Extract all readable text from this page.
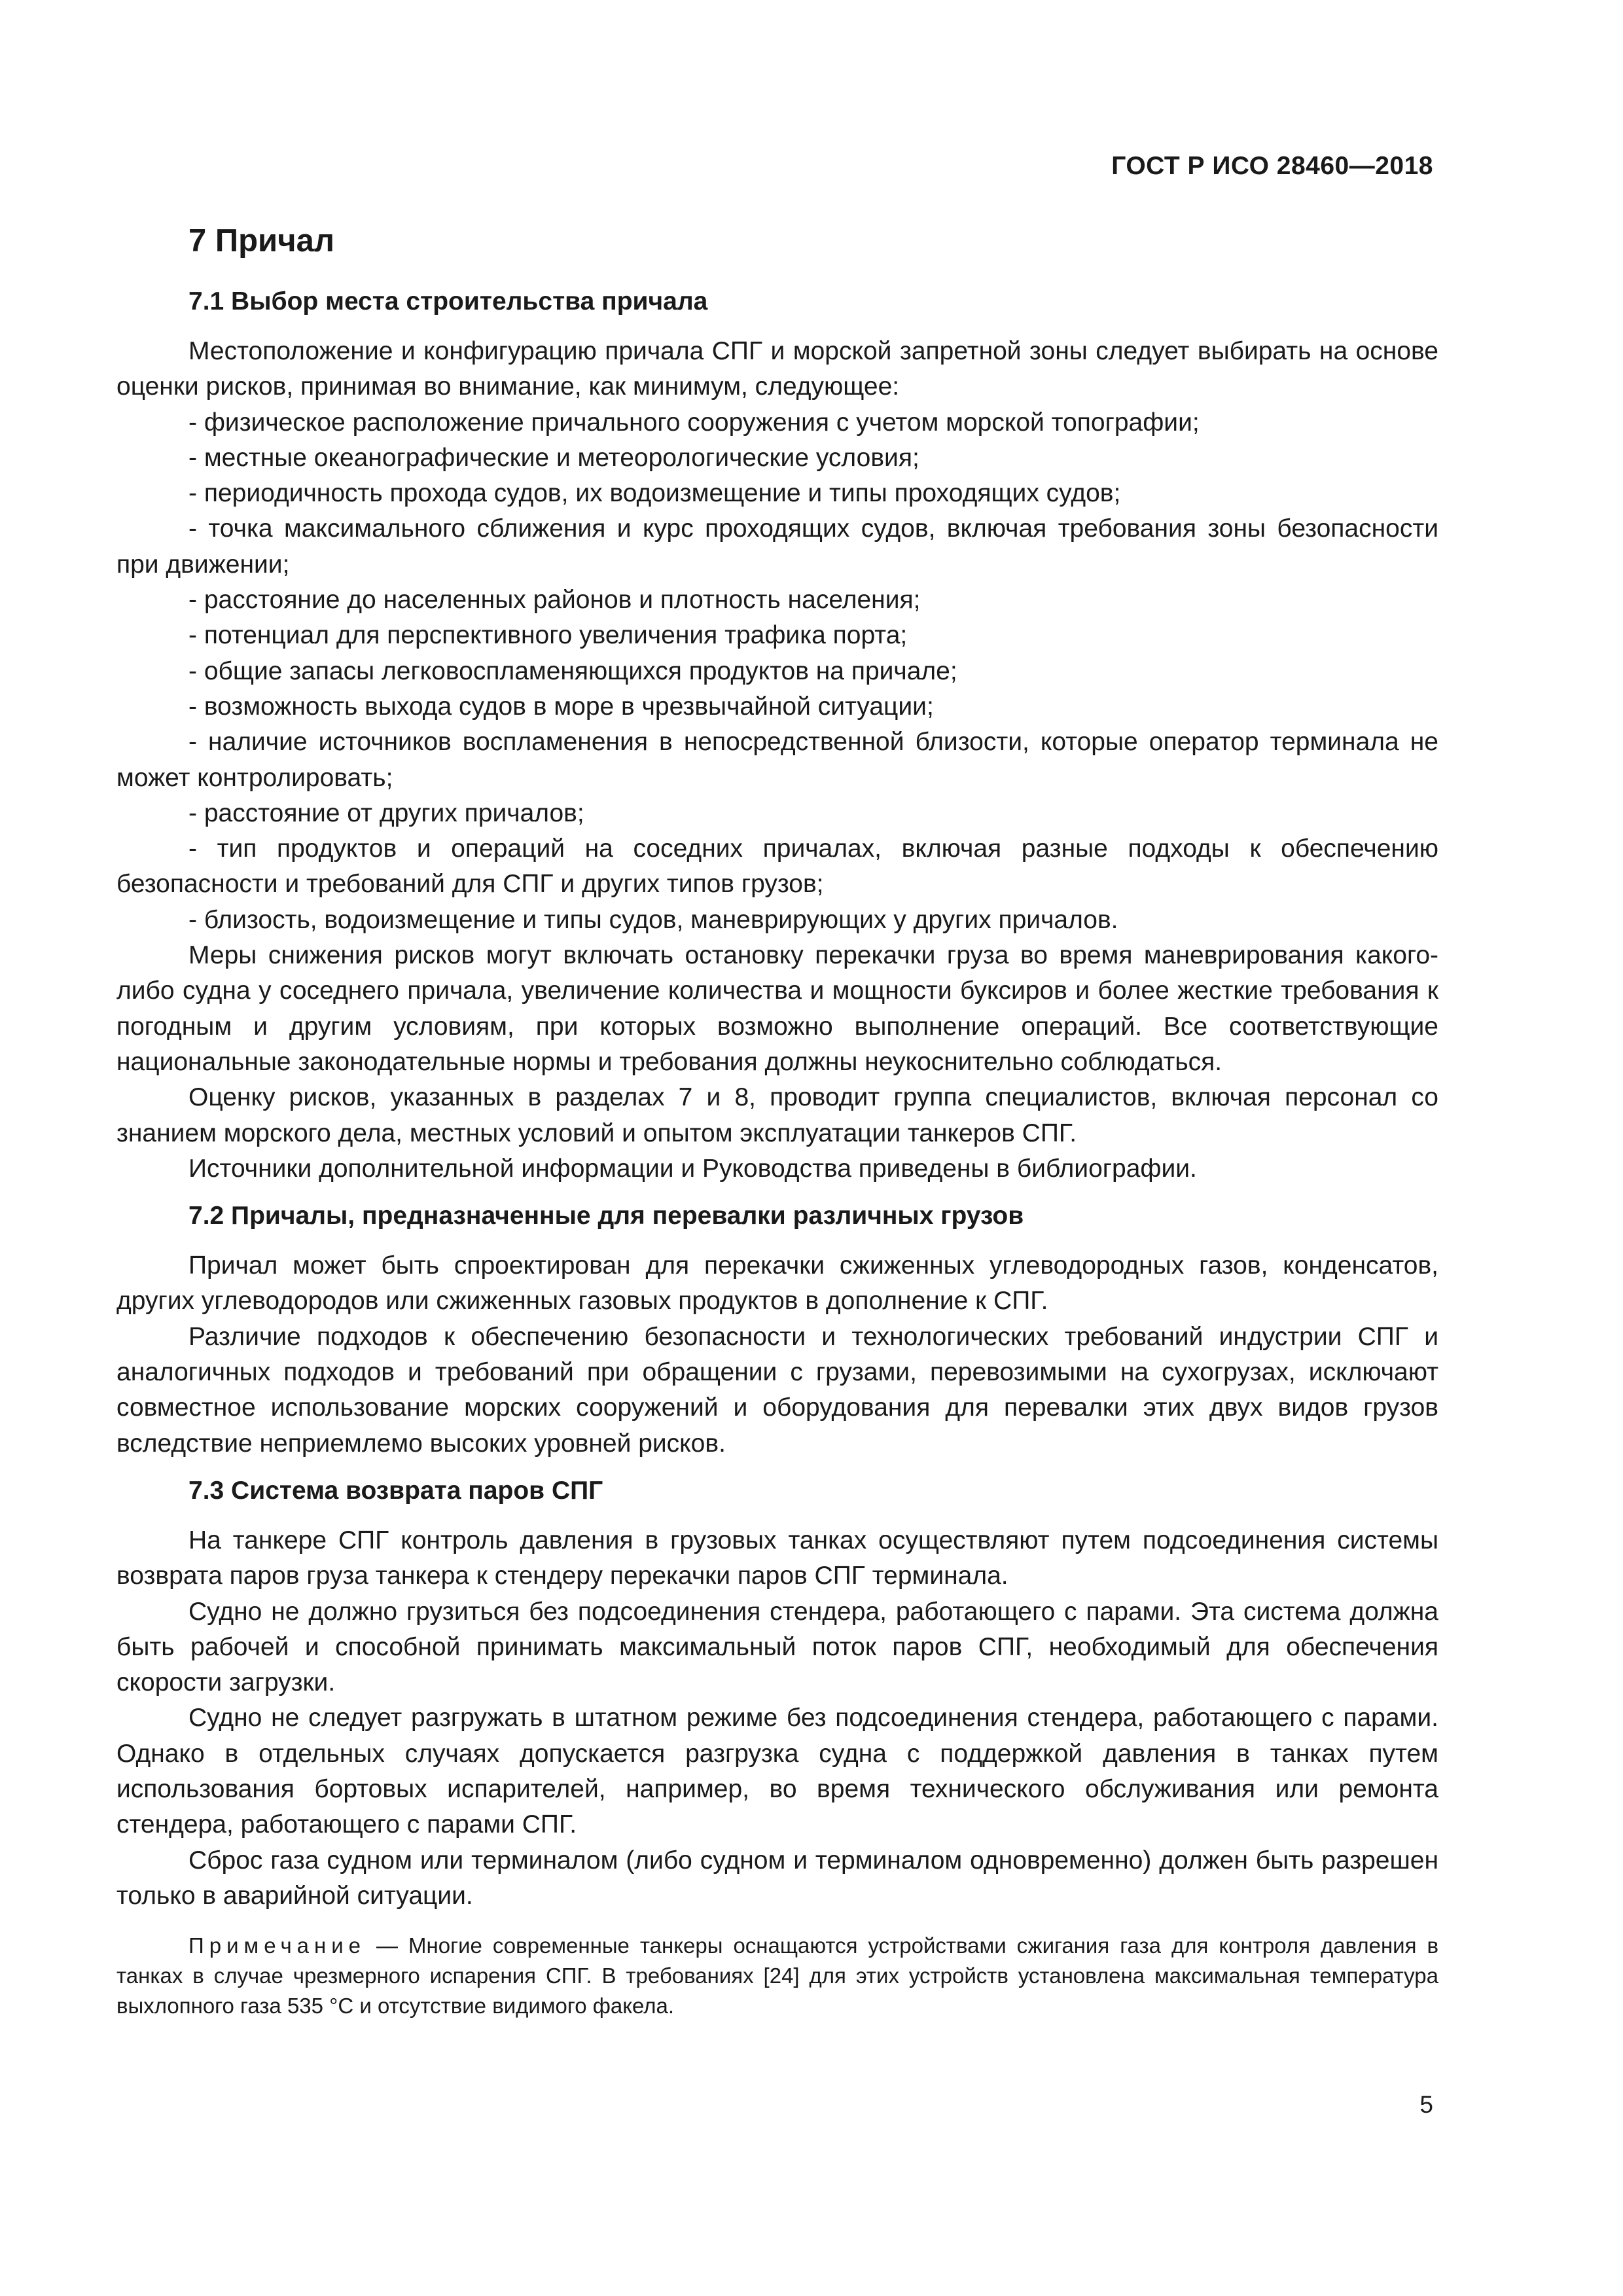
ГОСТ Р ИСО 28460—2018
7 Причал
7.1 Выбор места строительства причала

Местоположение и конфигурацию причала СПГ и морской запретной зоны следует выбирать на основе оценки рисков, принимая во внимание, как минимум, следующее:

- физическое расположение причального сооружения с учетом морской топографии;

- местные океанографические и метеорологические условия;

- периодичность прохода судов, их водоизмещение и типы проходящих судов;

- точка максимального сближения и курс проходящих судов, включая требования зоны безопасности при движении;

- расстояние до населенных районов и плотность населения;

- потенциал для перспективного увеличения трафика порта;

- общие запасы легковоспламеняющихся продуктов на причале;

- возможность выхода судов в море в чрезвычайной ситуации;

- наличие источников воспламенения в непосредственной близости, которые оператор терминала не может контролировать;

- расстояние от других причалов;

- тип продуктов и операций на соседних причалах, включая разные подходы к обеспечению безопасности и требований для СПГ и других типов грузов;

- близость, водоизмещение и типы судов, маневрирующих у других причалов.

Меры снижения рисков могут включать остановку перекачки груза во время маневрирования какого-либо судна у соседнего причала, увеличение количества и мощности буксиров и более жесткие требования к погодным и другим условиям, при которых возможно выполнение операций. Все соответствующие национальные законодательные нормы и требования должны неукоснительно соблюдаться.

Оценку рисков, указанных в разделах 7 и 8, проводит группа специалистов, включая персонал со знанием морского дела, местных условий и опытом эксплуатации танкеров СПГ.

Источники дополнительной информации и Руководства приведены в библиографии.

7.2 Причалы, предназначенные для перевалки различных грузов

Причал может быть спроектирован для перекачки сжиженных углеводородных газов, конденсатов, других углеводородов или сжиженных газовых продуктов в дополнение к СПГ.

Различие подходов к обеспечению безопасности и технологических требований индустрии СПГ и аналогичных подходов и требований при обращении с грузами, перевозимыми на сухогрузах, исключают совместное использование морских сооружений и оборудования для перевалки этих двух видов грузов вследствие неприемлемо высоких уровней рисков.

7.3 Система возврата паров СПГ

На танкере СПГ контроль давления в грузовых танках осуществляют путем подсоединения системы возврата паров груза танкера к стендеру перекачки паров СПГ терминала.

Судно не должно грузиться без подсоединения стендера, работающего с парами. Эта система должна быть рабочей и способной принимать максимальный поток паров СПГ, необходимый для обеспечения скорости загрузки.

Судно не следует разгружать в штатном режиме без подсоединения стендера, работающего с парами. Однако в отдельных случаях допускается разгрузка судна с поддержкой давления в танках путем использования бортовых испарителей, например, во время технического обслуживания или ремонта стендера, работающего с парами СПГ.

Сброс газа судном или терминалом (либо судном и терминалом одновременно) должен быть разрешен только в аварийной ситуации.

Примечание — Многие современные танкеры оснащаются устройствами сжигания газа для контроля давления в танках в случае чрезмерного испарения СПГ. В требованиях [24] для этих устройств установлена максимальная температура выхлопного газа 535 °С и отсутствие видимого факела.

5
